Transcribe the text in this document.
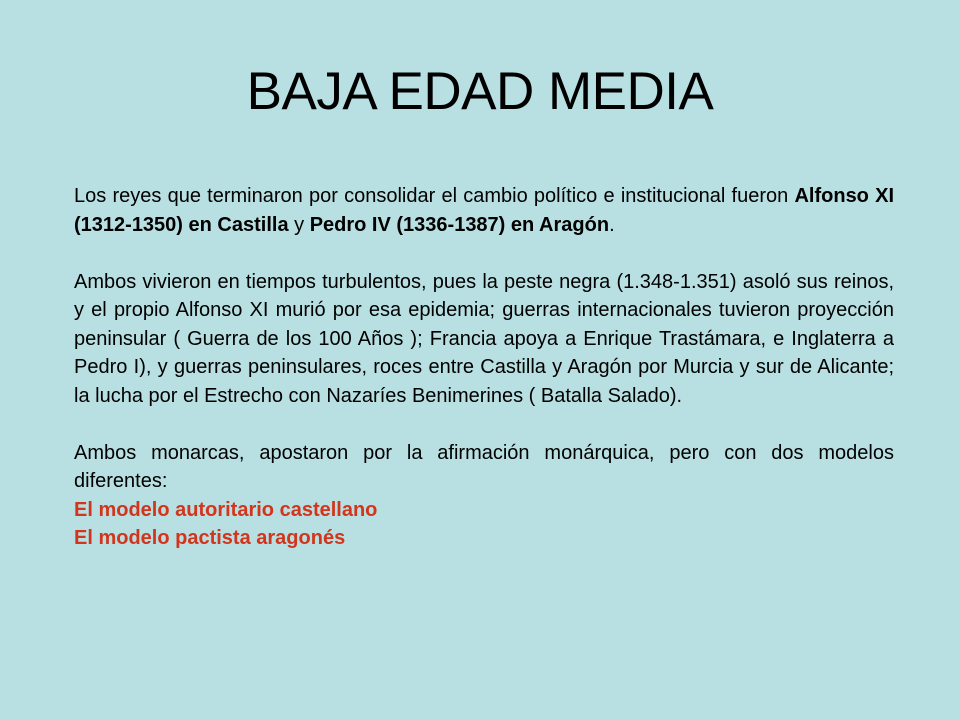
BAJA EDAD MEDIA

Los reyes que terminaron por consolidar el cambio político e institucional fueron Alfonso XI (1312-1350) en Castilla y Pedro IV (1336-1387) en Aragón.

Ambos vivieron en tiempos turbulentos, pues la peste negra (1.348-1.351) asoló sus reinos, y el propio Alfonso XI murió por esa epidemia; guerras internacionales tuvieron proyección peninsular ( Guerra de los 100 Años ); Francia apoya a Enrique Trastámara, e Inglaterra a Pedro I), y guerras peninsulares, roces entre Castilla y Aragón por Murcia y sur de Alicante; la lucha por el Estrecho con Nazaríes Benimerines ( Batalla Salado).

Ambos monarcas, apostaron por la afirmación monárquica, pero con dos modelos diferentes:
El modelo autoritario castellano
El modelo pactista aragonés
